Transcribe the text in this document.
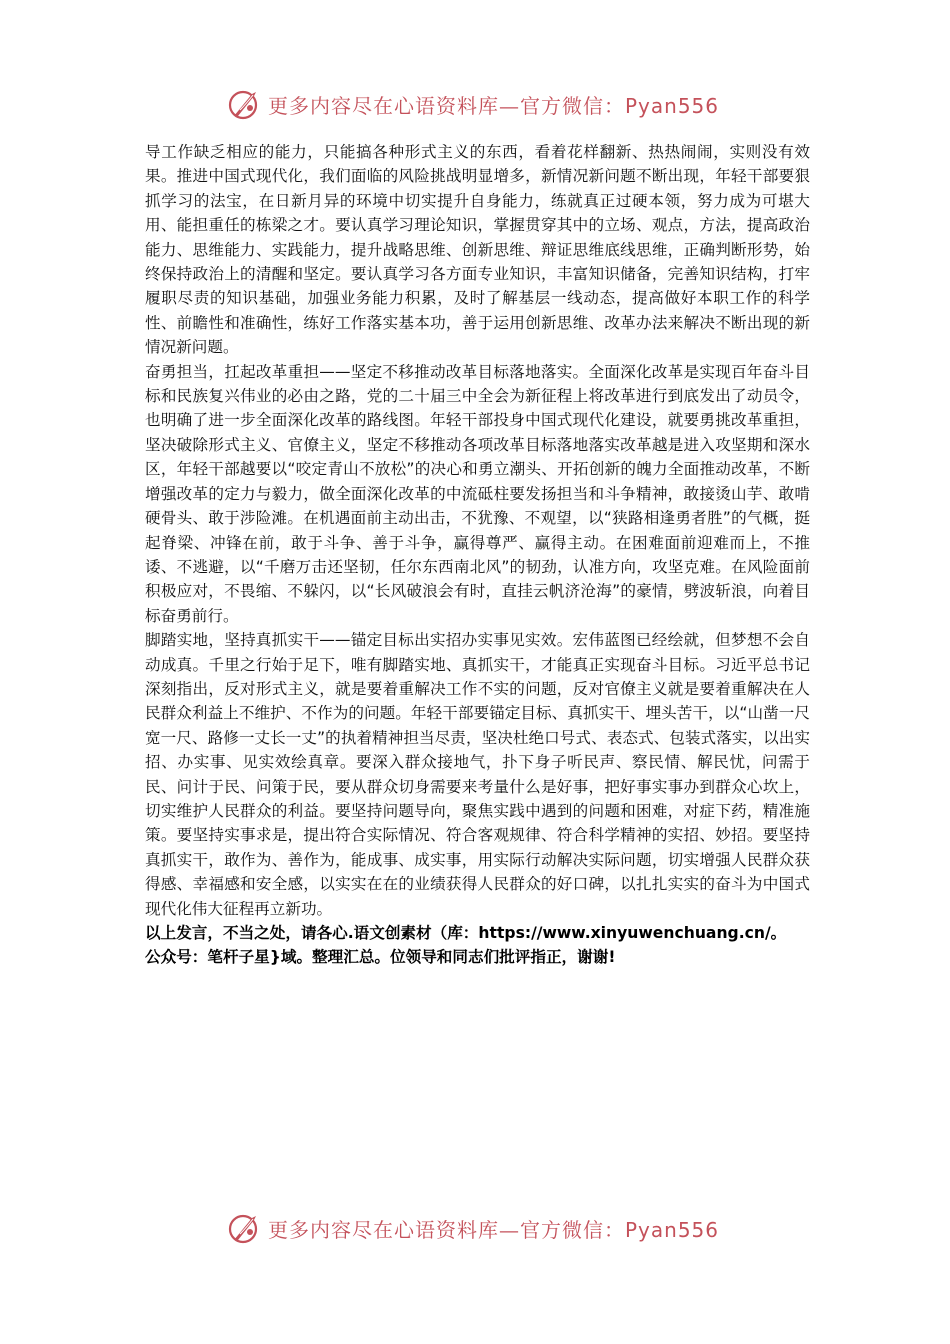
更多内容尽在心语资料库—官方微信：Pyan556

导工作缺乏相应的能力，只能搞各种形式主义的东西，看着花样翻新、热热闹闹，实则没有效果。推进中国式现代化，我们面临的风险挑战明显增多，新情况新问题不断出现，年轻干部要狠抓学习的法宝，在日新月异的环境中切实提升自身能力，练就真正过硬本领，努力成为可堪大用、能担重任的栋梁之才。要认真学习理论知识，掌握贯穿其中的立场、观点，方法，提高政治能力、思维能力、实践能力，提升战略思维、创新思维、辩证思维底线思维，正确判断形势，始终保持政治上的清醒和坚定。要认真学习各方面专业知识，丰富知识储备，完善知识结构，打牢履职尽责的知识基础，加强业务能力积累，及时了解基层一线动态，提高做好本职工作的科学性、前瞻性和准确性，练好工作落实基本功，善于运用创新思维、改革办法来解决不断出现的新情况新问题。

奋勇担当，扛起改革重担——坚定不移推动改革目标落地落实。全面深化改革是实现百年奋斗目标和民族复兴伟业的必由之路，党的二十届三中全会为新征程上将改革进行到底发出了动员令，也明确了进一步全面深化改革的路线图。年轻干部投身中国式现代化建设，就要勇挑改革重担，坚决破除形式主义、官僚主义，坚定不移推动各项改革目标落地落实改革越是进入攻坚期和深水区，年轻干部越要以“咬定青山不放松”的决心和勇立潮头、开拓创新的魄力全面推动改革，不断增强改革的定力与毅力，做全面深化改革的中流砥柱要发扬担当和斗争精神，敢接烫山芋、敢啃硬骨头、敢于涉险滩。在机遇面前主动出击，不犹豫、不观望，以“狭路相逢勇者胜”的气概，挺起脊梁、冲锋在前，敢于斗争、善于斗争，赢得尊严、赢得主动。在困难面前迎难而上，不推诿、不逃避，以“千磨万击还坚韧，任尔东西南北风”的韧劲，认准方向，攻坚克难。在风险面前积极应对，不畏缩、不躲闪，以“长风破浪会有时，直挂云帆济沧海”的豪情，劈波斩浪，向着目标奋勇前行。

脚踏实地，坚持真抓实干——锚定目标出实招办实事见实效。宏伟蓝图已经绘就，但梦想不会自动成真。千里之行始于足下，唯有脚踏实地、真抓实干，才能真正实现奋斗目标。习近平总书记深刻指出，反对形式主义，就是要着重解决工作不实的问题，反对官僚主义就是要着重解决在人民群众利益上不维护、不作为的问题。年轻干部要锚定目标、真抓实干、埋头苦干，以“山凿一尺宽一尺、路修一丈长一丈”的执着精神担当尽责，坚决杜绝口号式、表态式、包装式落实，以出实招、办实事、见实效绘真章。要深入群众接地气，扑下身子听民声、察民情、解民忧，问需于民、问计于民、问策于民，要从群众切身需要来考量什么是好事，把好事实事办到群众心坎上，切实维护人民群众的利益。要坚持问题导向，聚焦实践中遇到的问题和困难，对症下药，精准施策。要坚持实事求是，提出符合实际情况、符合客观规律、符合科学精神的实招、妙招。要坚持真抓实干，敢作为、善作为，能成事、成实事，用实际行动解决实际问题，切实增强人民群众获得感、幸福感和安全感，以实实在在的业绩获得人民群众的好口碑，以扎扎实实的奋斗为中国式现代化伟大征程再立新功。

以上发言，不当之处，请各心.语文创素材（库：https://www.xinyuwenchuang.cn/。

公众号：笔杆子星}域。整理汇总。位领导和同志们批评指正，谢谢!

更多内容尽在心语资料库—官方微信：Pyan556
